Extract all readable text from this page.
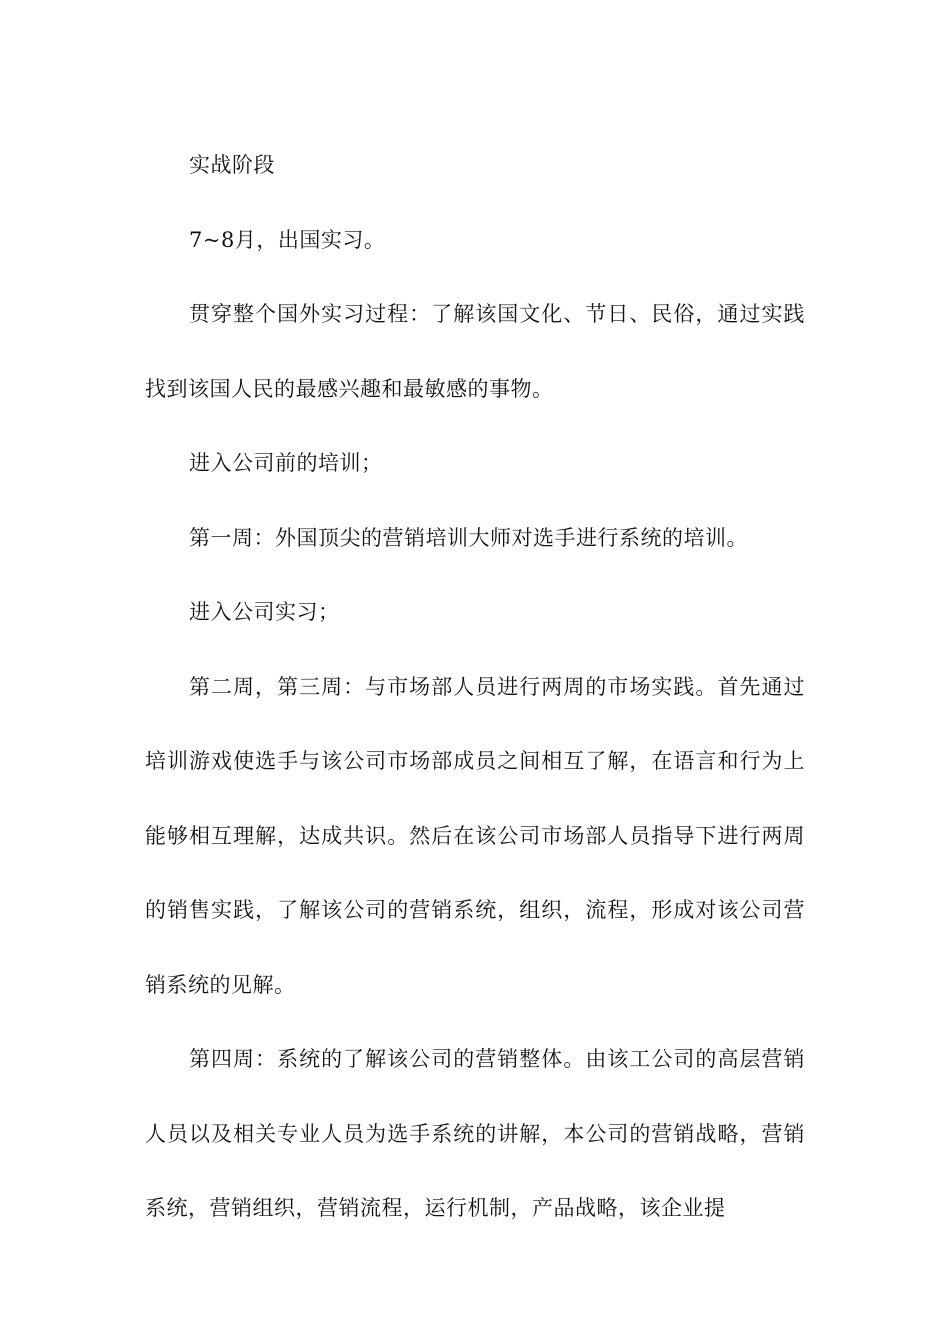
实战阶段

7~8月，出国实习。

贯穿整个国外实习过程：了解该国文化、节日、民俗，通过实践找到该国人民的最感兴趣和最敏感的事物。

进入公司前的培训；

第一周：外国顶尖的营销培训大师对选手进行系统的培训。

进入公司实习；

第二周，第三周：与市场部人员进行两周的市场实践。首先通过培训游戏使选手与该公司市场部成员之间相互了解，在语言和行为上能够相互理解，达成共识。然后在该公司市场部人员指导下进行两周的销售实践，了解该公司的营销系统，组织，流程，形成对该公司营销系统的见解。

第四周：系统的了解该公司的营销整体。由该工公司的高层营销人员以及相关专业人员为选手系统的讲解，本公司的营销战略，营销系统，营销组织，营销流程，运行机制，产品战略，该企业提
